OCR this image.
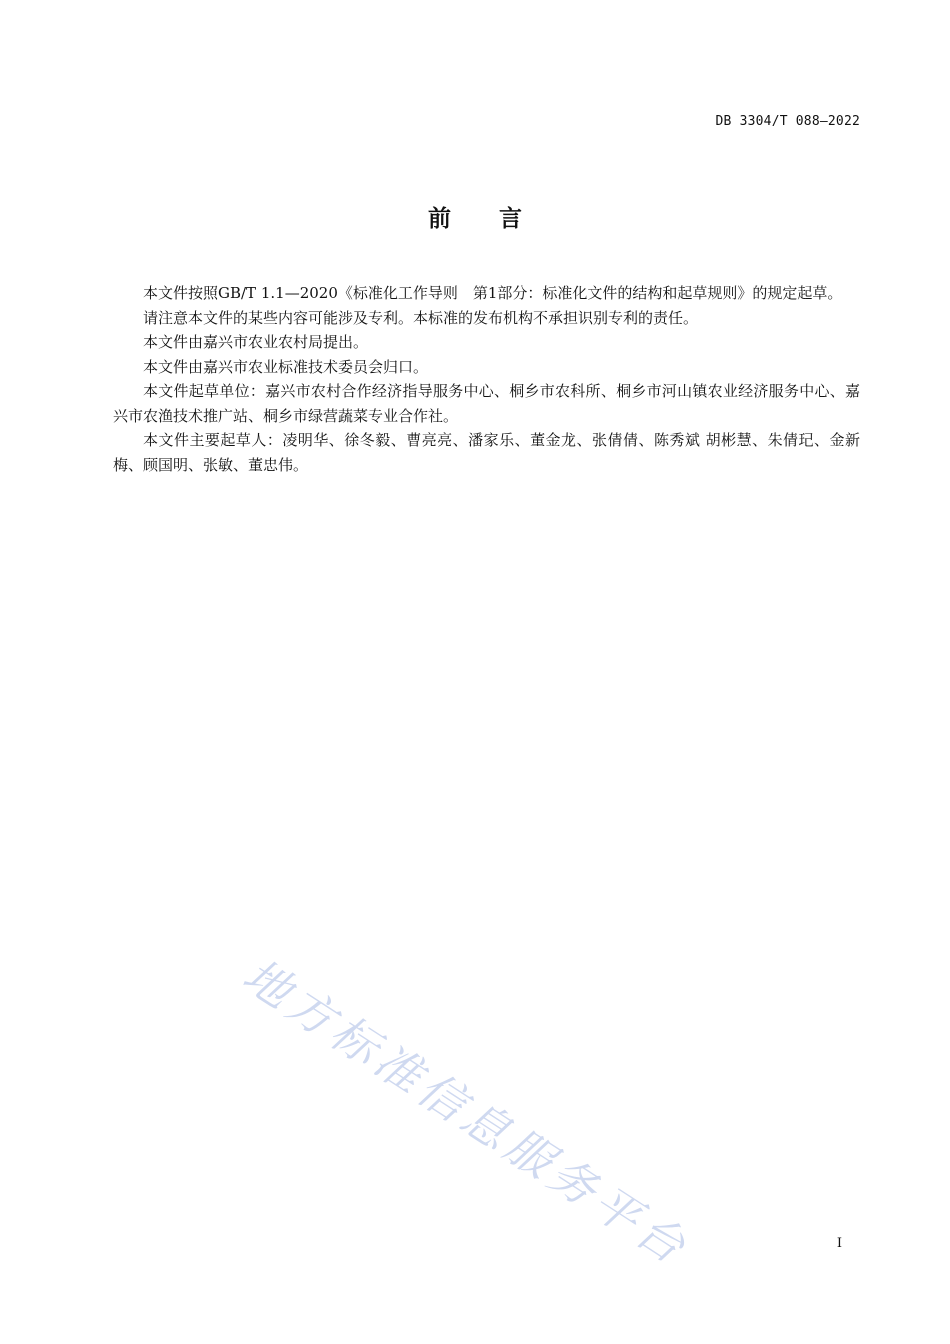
DB 3304/T 088—2022
前言

本文件按照GB/T 1.1—2020《标准化工作导则　第1部分：标准化文件的结构和起草规则》的规定起草。

请注意本文件的某些内容可能涉及专利。本标准的发布机构不承担识别专利的责任。

本文件由嘉兴市农业农村局提出。

本文件由嘉兴市农业标准技术委员会归口。

本文件起草单位：嘉兴市农村合作经济指导服务中心、桐乡市农科所、桐乡市河山镇农业经济服务中心、嘉兴市农渔技术推广站、桐乡市绿营蔬菜专业合作社。

本文件主要起草人：凌明华、徐冬毅、曹亮亮、潘家乐、董金龙、张倩倩、陈秀斌 胡彬慧、朱倩玘、金新梅、顾国明、张敏、董忠伟。

地方标准信息服务平台	I
